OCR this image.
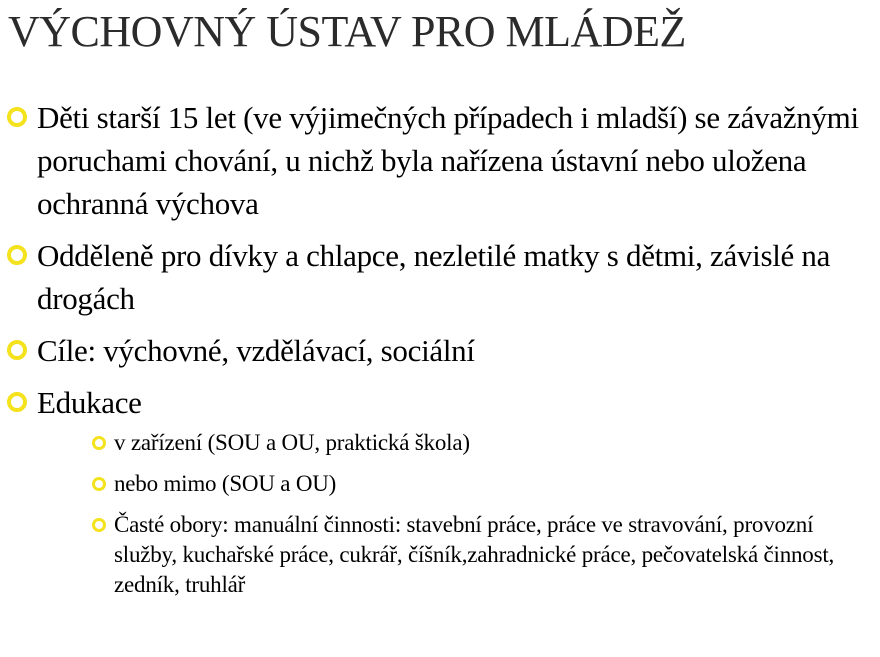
VÝCHOVNÝ ÚSTAV PRO MLÁDEŽ
Děti starší 15 let (ve výjimečných případech i mladší) se závažnými poruchami chování, u nichž byla nařízena ústavní nebo uložena ochranná výchova
Odděleně pro dívky a chlapce, nezletilé matky s dětmi, závislé na drogách
Cíle: výchovné, vzdělávací, sociální
Edukace
v zařízení (SOU a OU, praktická škola)
nebo mimo (SOU a OU)
Časté obory: manuální činnosti: stavební práce, práce ve stravování, provozní služby, kuchařské práce, cukrář, číšník,zahradnické práce, pečovatelská činnost, zedník, truhlář
